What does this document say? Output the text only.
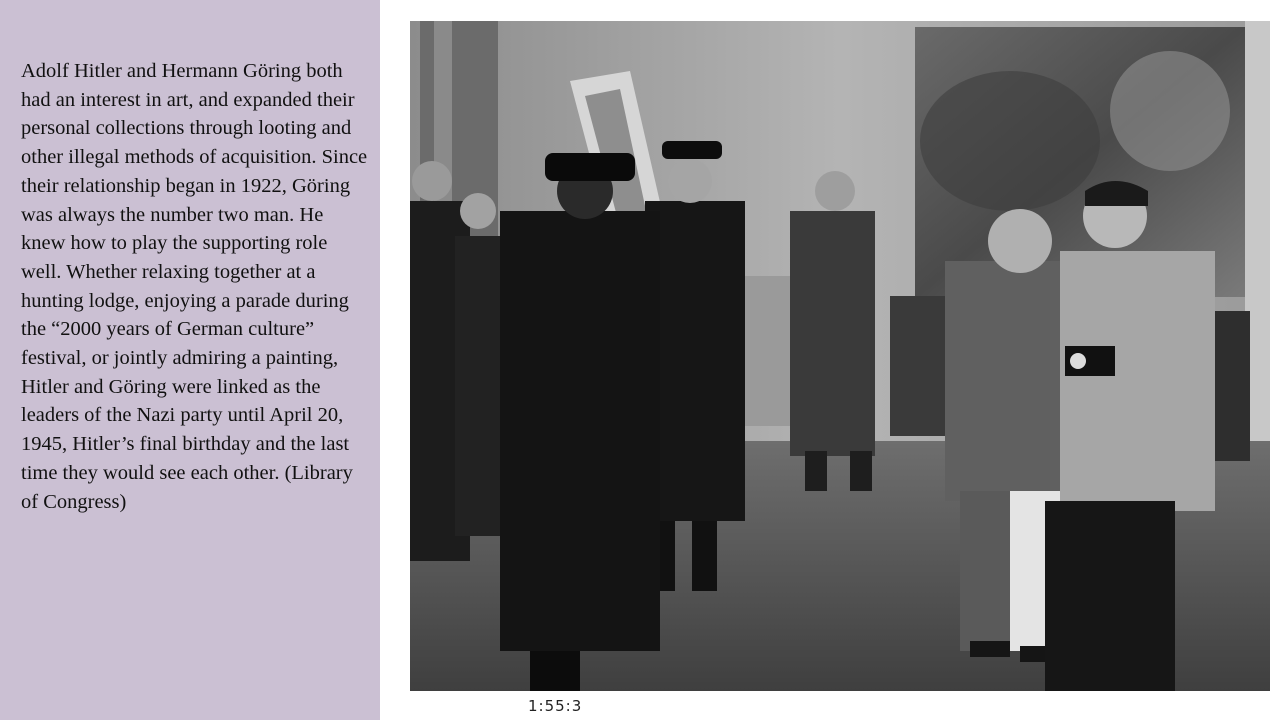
Adolf Hitler and Hermann Göring both had an interest in art, and expanded their personal collections through looting and other illegal methods of acquisition. Since their relationship began in 1922, Göring was always the number two man. He knew how to play the supporting role well. Whether relaxing together at a hunting lodge, enjoying a parade during the “2000 years of German culture” festival, or jointly admiring a painting, Hitler and Göring were linked as the leaders of the Nazi party until April 20, 1945, Hitler’s final birthday and the last time they would see each other. (Library of Congress)

1:55:3
